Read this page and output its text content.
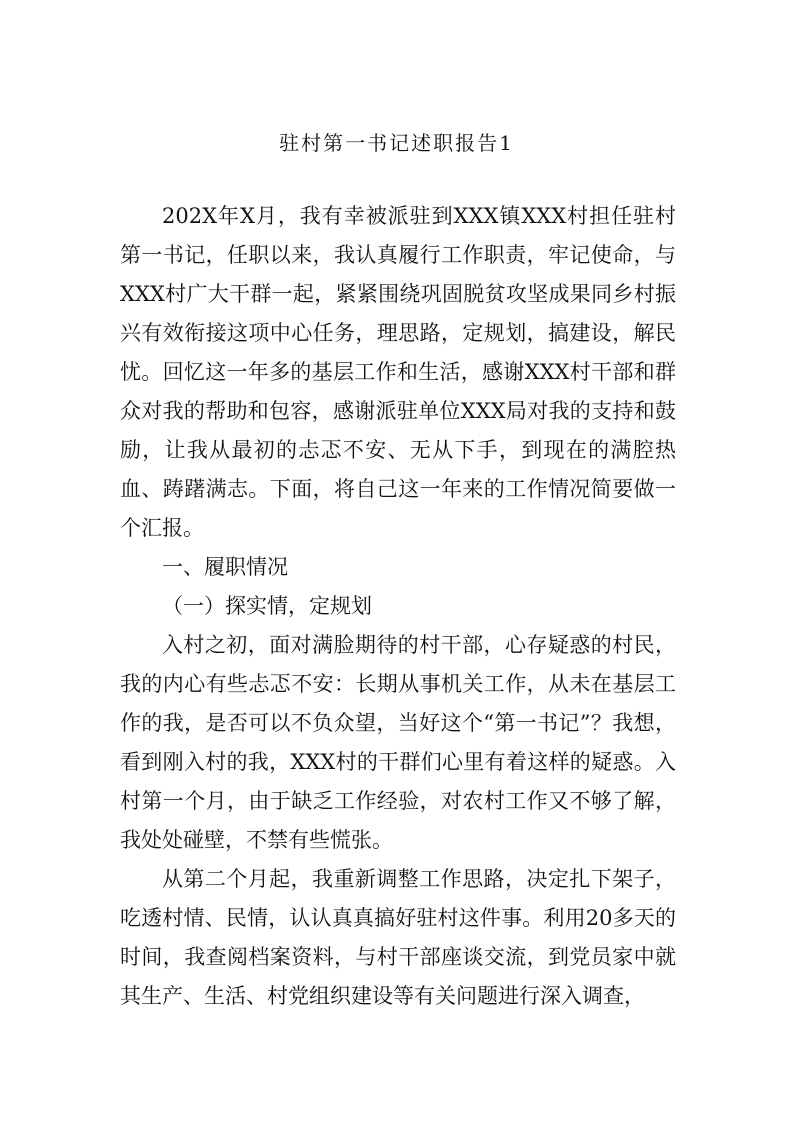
驻村第一书记述职报告1

202X年X月，我有幸被派驻到XXX镇XXX村担任驻村第一书记，任职以来，我认真履行工作职责，牢记使命，与XXX村广大干群一起，紧紧围绕巩固脱贫攻坚成果同乡村振兴有效衔接这项中心任务，理思路，定规划，搞建设，解民忧。回忆这一年多的基层工作和生活，感谢XXX村干部和群众对我的帮助和包容，感谢派驻单位XXX局对我的支持和鼓励，让我从最初的忐忑不安、无从下手，到现在的满腔热血、踌躇满志。下面，将自己这一年来的工作情况简要做一个汇报。

一、履职情况

（一）探实情，定规划

入村之初，面对满脸期待的村干部，心存疑惑的村民，我的内心有些忐忑不安：长期从事机关工作，从未在基层工作的我，是否可以不负众望，当好这个“第一书记”？我想，看到刚入村的我，XXX村的干群们心里有着这样的疑惑。入村第一个月，由于缺乏工作经验，对农村工作又不够了解，我处处碰壁，不禁有些慌张。

从第二个月起，我重新调整工作思路，决定扎下架子，吃透村情、民情，认认真真搞好驻村这件事。利用20多天的时间，我查阅档案资料，与村干部座谈交流，到党员家中就其生产、生活、村党组织建设等有关问题进行深入调查，
